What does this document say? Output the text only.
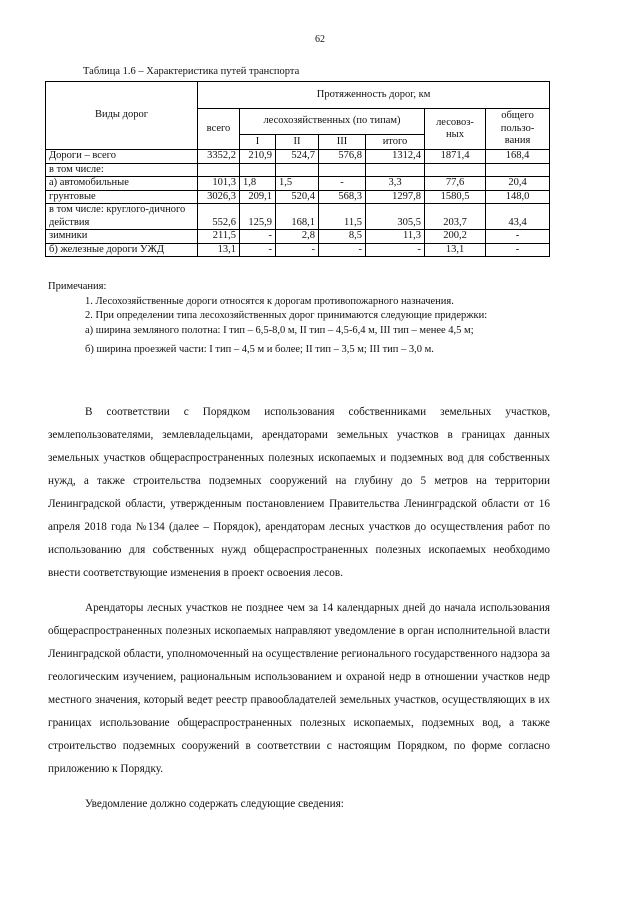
62
Таблица 1.6 – Характеристика путей транспорта
Виды дорог	Протяженность дорог, км						
	всего	лесохозяйственных (по типам)				лесовоз-ных	общего пользо-вания
		I	II	III	итого		
Дороги – всего	3352,2	210,9	524,7	576,8	1312,4	1871,4	168,4
в том числе:							
а) автомобильные	101,3	1,8	1,5	-	3,3	77,6	20,4
грунтовые	3026,3	209,1	520,4	568,3	1297,8	1580,5	148,0
в том числе: круглого-дичного действия	552,6	125,9	168,1	11,5	305,5	203,7	43,4
зимники	211,5	-	2,8	8,5	11,3	200,2	-
б) железные дороги УЖД	13,1	-	-	-	-	13,1	-

Примечания:

1. Лесохозяйственные дороги относятся к дорогам противопожарного назначения.

2. При определении типа лесохозяйственных дорог принимаются следующие придержки:

а) ширина земляного полотна: I тип – 6,5-8,0 м, II тип – 4,5-6,4 м, III тип – менее 4,5 м;

б) ширина проезжей части: I тип – 4,5 м и более; II тип – 3,5 м; III тип – 3,0 м.

В соответствии с Порядком использования собственниками земельных участков, землепользователями, землевладельцами, арендаторами земельных участков в границах данных земельных участков общераспространенных полезных ископаемых и подземных вод для собственных нужд, а также строительства подземных сооружений на глубину до 5 метров на территории Ленинградской области, утвержденным постановлением Правительства Ленинградской области от 16 апреля 2018 года №134 (далее – Порядок), арендаторам лесных участков до осуществления работ по использованию для собственных нужд общераспространенных полезных ископаемых необходимо внести соответствующие изменения в проект освоения лесов.

Арендаторы лесных участков не позднее чем за 14 календарных дней до начала использования общераспространенных полезных ископаемых направляют уведомление в орган исполнительной власти Ленинградской области, уполномоченный на осуществление регионального государственного надзора за геологическим изучением, рациональным использованием и охраной недр в отношении участков недр местного значения, который ведет реестр правообладателей земельных участков, осуществляющих в их границах использование общераспространенных полезных ископаемых, подземных вод, а также строительство подземных сооружений в соответствии с настоящим Порядком, по форме согласно приложению к Порядку.

Уведомление должно содержать следующие сведения:
